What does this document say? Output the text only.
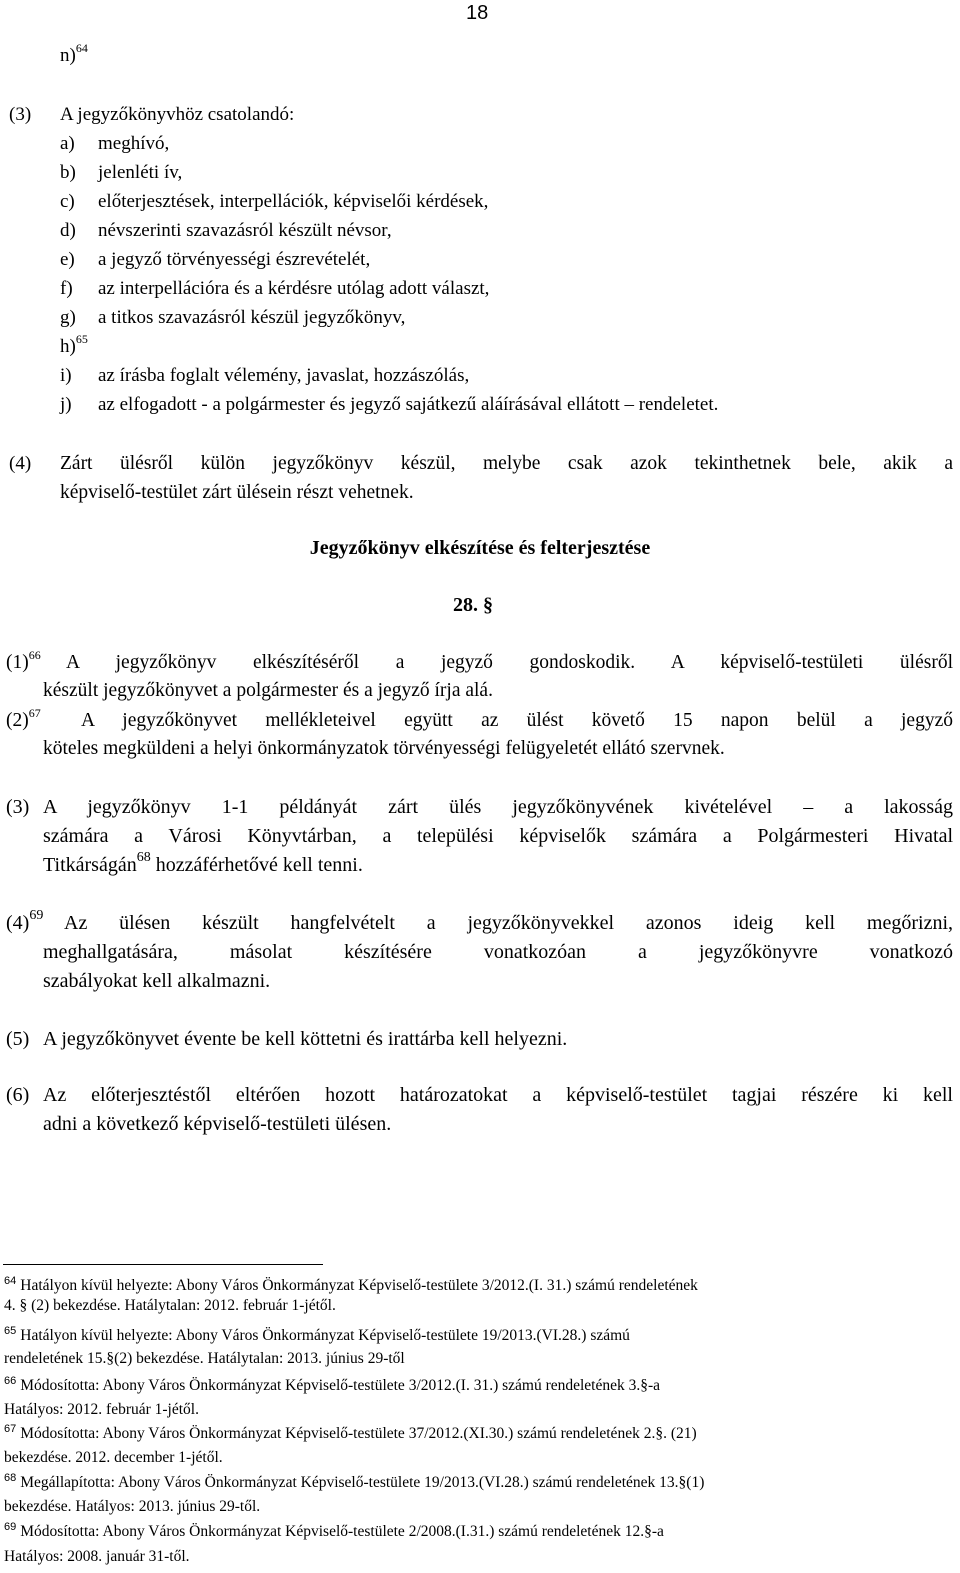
18
n)$^{64}$
(3) A jegyzőkönyvhöz csatolandó:
a) meghívó,
b) jelenléti ív,
c) előterjesztések, interpellációk, képviselői kérdések,
d) névszerinti szavazásról készült névsor,
e) a jegyző törvényességi észrevételét,
f) az interpellációra és a kérdésre utólag adott választ,
g) a titkos szavazásról készül jegyzőkönyv,
h)$^{65}$
i) az írásba foglalt vélemény, javaslat, hozzászólás,
j) az elfogadott - a polgármester és jegyző sajátkezű aláírásával ellátott – rendeletet.
(4) Zárt ülésről külön jegyzőkönyv készül, melybe csak azok tekinthetnek bele, akik a
képviselő-testület zárt ülésein részt vehetnek.
Jegyzőkönyv elkészítése és felterjesztése
28. §
$(1)^{66}$ A jegyzőkönyv elkészítéséről a jegyző gondoskodik. A képviselő-testületi ülésről
készült jegyzőkönyvet a polgármester és a jegyző írja alá.
$(2)^{67}$ A jegyzőkönyvet mellékleteivel együtt az ülést követő 15 napon belül a jegyző
köteles megküldeni a helyi önkormányzatok törvényességi felügyeletét ellátó szervnek.
(3) A jegyzőkönyv 1-1 példányát zárt ülés jegyzőkönyvének kivételével – a lakosság
számára a Városi Könyvtárban, a települési képviselők számára a Polgármesteri Hivatal
Titkárságán$^{68}$ hozzáférhetővé kell tenni.
$(4)^{69}$ Az ülésen készült hangfelvételt a jegyzőkönyvekkel azonos ideig kell megőrizni,
meghallgatására, másolat készítésére vonatkozóan a jegyzőkönyvre vonatkozó
szabályokat kell alkalmazni.
(5) A jegyzőkönyvet évente be kell köttetni és irattárba kell helyezni.
(6) Az előterjesztéstől eltérően hozott határozatokat a képviselő-testület tagjai részére ki kell
adni a következő képviselő-testületi ülésen.
$^{64}$ Hatályon kívül helyezte: Abony Város Önkormányzat Képviselő-testülete 3/2012.(I. 31.) számú rendeletének
4. § (2) bekezdése. Hatálytalan: 2012. február 1-jétől.
$^{65}$ Hatályon kívül helyezte: Abony Város Önkormányzat Képviselő-testülete 19/2013.(VI.28.) számú
rendeletének 15.§(2) bekezdése. Hatálytalan: 2013. június 29-től
$^{66}$ Módosította: Abony Város Önkormányzat Képviselő-testülete 3/2012.(I. 31.) számú rendeletének 3.§-a
Hatályos: 2012. február 1-jétől.
$^{67}$ Módosította: Abony Város Önkormányzat Képviselő-testülete 37/2012.(XI.30.) számú rendeletének 2.§. (21)
bekezdése. 2012. december 1-jétől.
$^{68}$ Megállapította: Abony Város Önkormányzat Képviselő-testülete 19/2013.(VI.28.) számú rendeletének 13.§(1)
bekezdése. Hatályos: 2013. június 29-től.
$^{69}$ Módosította: Abony Város Önkormányzat Képviselő-testülete 2/2008.(I.31.) számú rendeletének 12.§-a
Hatályos: 2008. január 31-től.
